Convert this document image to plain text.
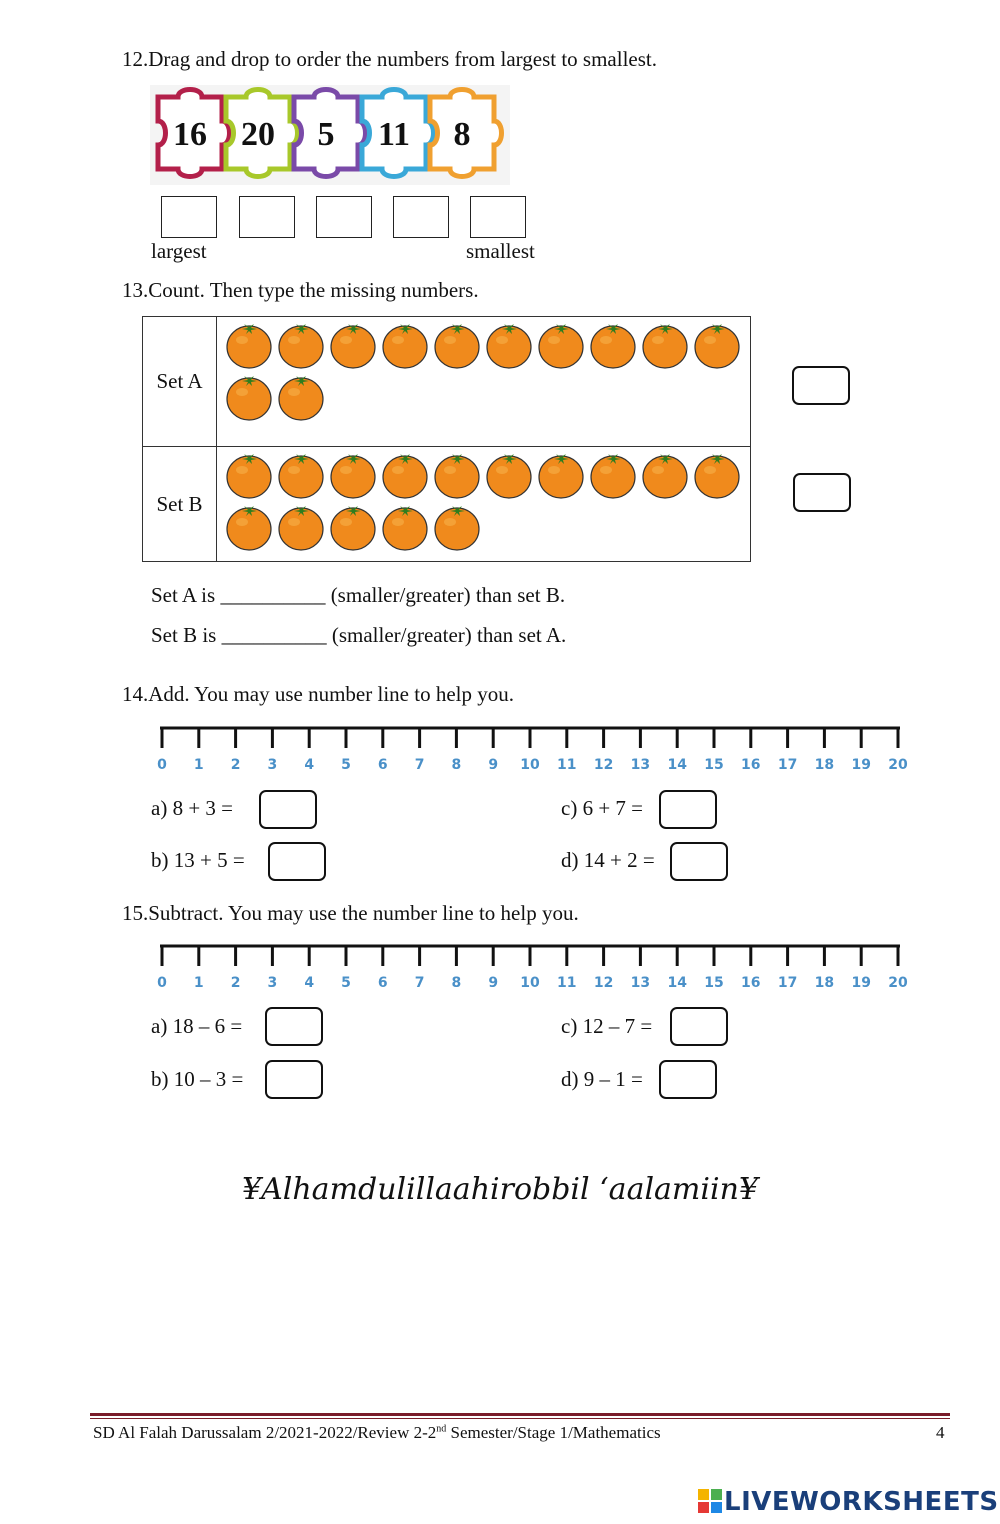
12.Drag and drop to order the numbers from largest to smallest.
16 20 5 11 8
largest	smallest
13.Count. Then type the missing numbers.
Set A	

Set B	
Set A is __________ (smaller/greater) than set B.
Set B is __________ (smaller/greater) than set A.
14.Add. You may use number line to help you.
0 1 2 3 4 5 6 7 8 9 10 11 12 13 14 15 16 17 18 19 20
a) 8 + 3 =
b) 13 + 5 =
c) 6 + 7 =
d) 14 + 2 =
15.Subtract. You may use the number line to help you.
0 1 2 3 4 5 6 7 8 9 10 11 12 13 14 15 16 17 18 19 20
a) 18 – 6 =
b) 10 – 3 =
c) 12 – 7 =
d) 9 – 1 =
¥Alhamdulillaahirobbil ‘aalamiin¥
SD Al Falah Darussalam 2/2021-2022/Review 2-2nd Semester/Stage 1/Mathematics	4
LIVEWORKSHEETS
